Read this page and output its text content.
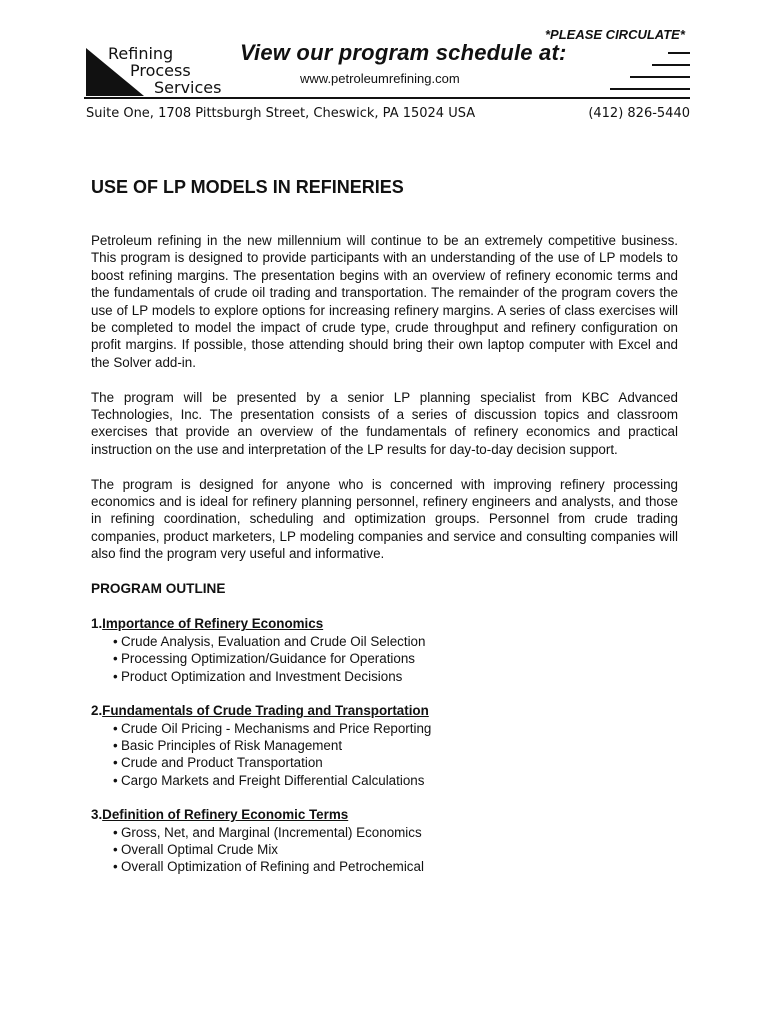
*PLEASE CIRCULATE*
Refining
Process
Services
View our program schedule at:
www.petroleumrefining.com
Suite One, 1708 Pittsburgh Street, Cheswick, PA 15024 USA	(412) 826-5440
USE OF LP MODELS IN REFINERIES

Petroleum refining in the new millennium will continue to be an extremely competitive business. This program is designed to provide participants with an understanding of the use of LP models to boost refining margins. The presentation begins with an overview of refinery economic terms and the fundamentals of crude oil trading and transportation. The remainder of the program covers the use of LP models to explore options for increasing refinery margins. A series of class exercises will be completed to model the impact of crude type, crude throughput and refinery configuration on profit margins. If possible, those attending should bring their own laptop computer with Excel and the Solver add-in.

The program will be presented by a senior LP planning specialist from KBC Advanced Technologies, Inc. The presentation consists of a series of discussion topics and classroom exercises that provide an overview of the fundamentals of refinery economics and practical instruction on the use and interpretation of the LP results for day-to-day decision support.

The program is designed for anyone who is concerned with improving refinery processing economics and is ideal for refinery planning personnel, refinery engineers and analysts, and those in refining coordination, scheduling and optimization groups. Personnel from crude trading companies, product marketers, LP modeling companies and service and consulting companies will also find the program very useful and informative.

PROGRAM OUTLINE
1.Importance of Refinery Economics
• Crude Analysis, Evaluation and Crude Oil Selection
• Processing Optimization/Guidance for Operations
• Product Optimization and Investment Decisions
2.Fundamentals of Crude Trading and Transportation
• Crude Oil Pricing - Mechanisms and Price Reporting
• Basic Principles of Risk Management
• Crude and Product Transportation
• Cargo Markets and Freight Differential Calculations
3.Definition of Refinery Economic Terms
• Gross, Net, and Marginal (Incremental) Economics
• Overall Optimal Crude Mix
• Overall Optimization of Refining and Petrochemical
